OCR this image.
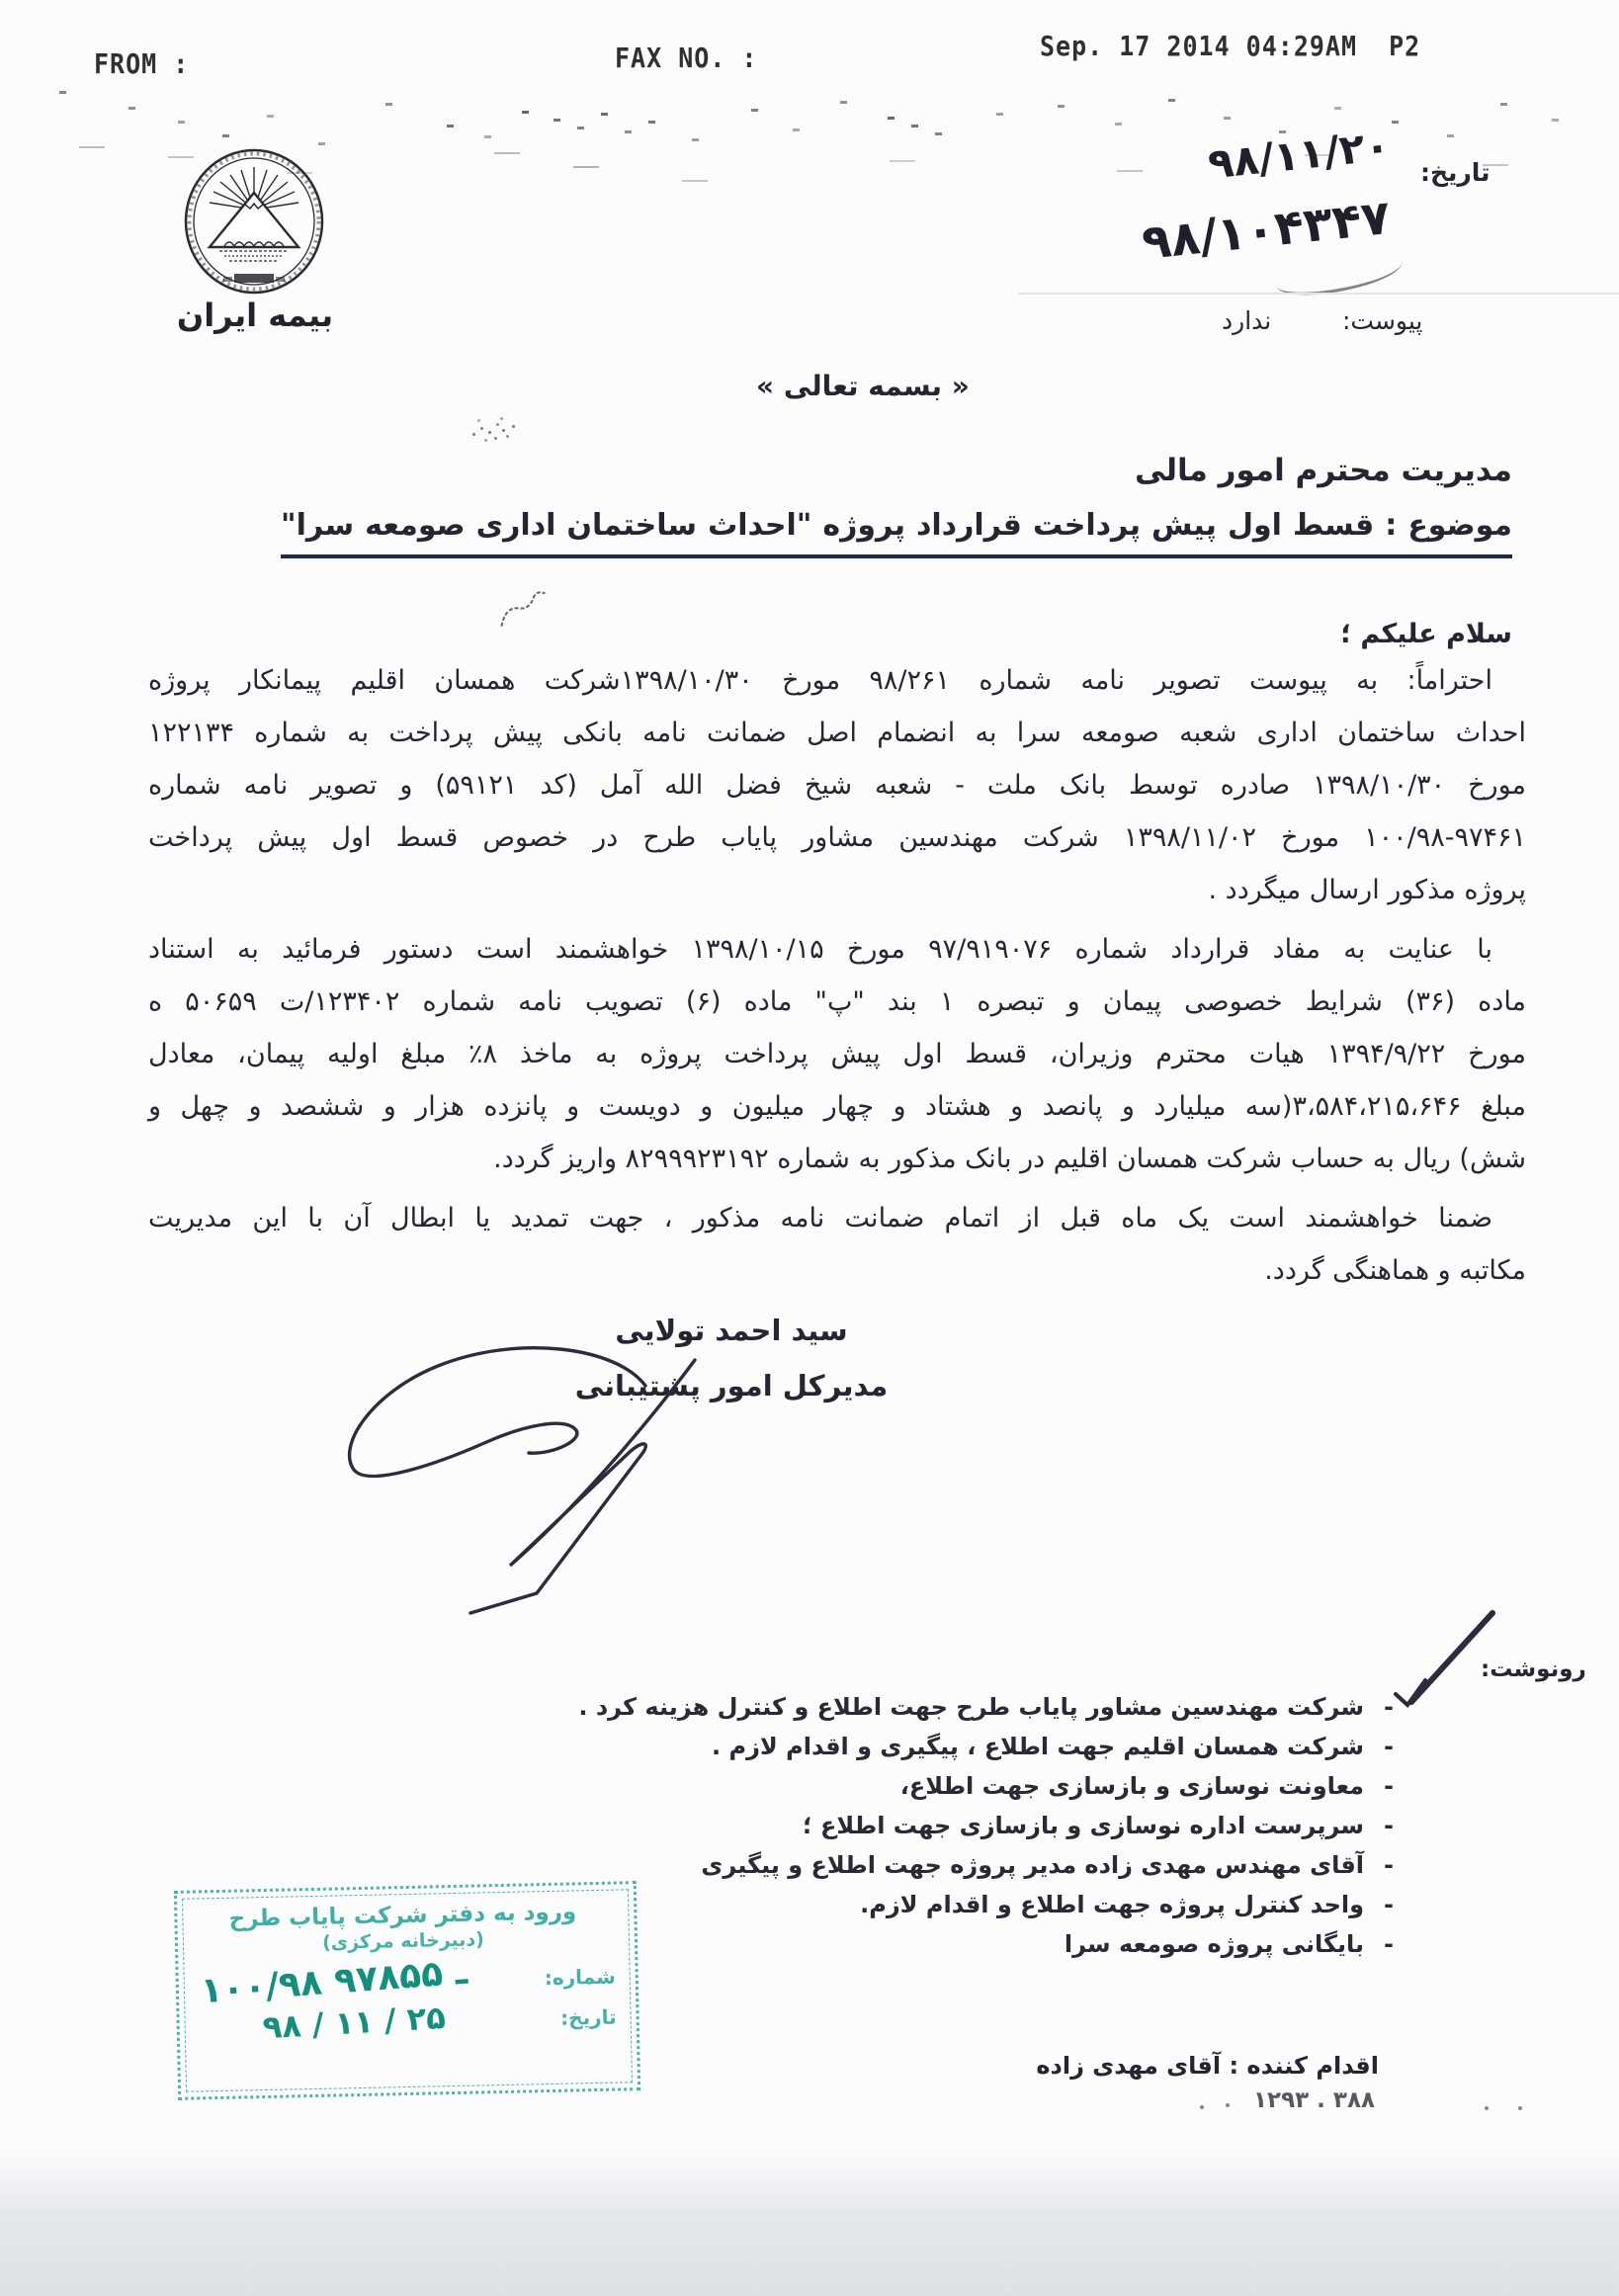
FROM :	FAX NO. :	Sep. 17 2014 04:29AM  P2
بیمه ایران
تاریخ:
۹۸/۱۱/۲۰
۹۸/۱۰۴۳۴۷
پیوست:
ندارد
« بسمه تعالی »
مدیریت محترم امور مالی
موضوع : قسط اول پیش پرداخت قرارداد پروژه "احداث ساختمان اداری صومعه سرا"
سلام علیکم ؛
احتراماً: به پیوست تصویر نامه شماره ۹۸/۲۶۱ مورخ ۱۳۹۸/۱۰/۳۰شرکت همسان اقلیم پیمانکار پروژه
احداث ساختمان اداری شعبه صومعه سرا به انضمام اصل ضمانت نامه بانکی پیش پرداخت به شماره ۱۲۲۱۳۴
مورخ ۱۳۹۸/۱۰/۳۰ صادره توسط بانک ملت - شعبه شیخ فضل الله آمل (کد ۵۹۱۲۱) و تصویر نامه شماره
۱۰۰/۹۸-۹۷۴۶۱ مورخ ۱۳۹۸/۱۱/۰۲ شرکت مهندسین مشاور پایاب طرح در خصوص قسط اول پیش پرداخت
پروژه مذکور ارسال میگردد .
با عنایت به مفاد قرارداد شماره ۹۷/۹۱۹۰۷۶ مورخ ۱۳۹۸/۱۰/۱۵ خواهشمند است دستور فرمائید به استناد
ماده (۳۶) شرایط خصوصی پیمان و تبصره ۱ بند "پ" ماده (۶) تصویب نامه شماره ۱۲۳۴۰۲/ت ۵۰۶۵۹ ه
مورخ ۱۳۹۴/۹/۲۲ هیات محترم وزیران، قسط اول پیش پرداخت پروژه به ماخذ ۸٪ مبلغ اولیه پیمان، معادل
مبلغ ۳،۵۸۴،۲۱۵،۶۴۶(سه میلیارد و پانصد و هشتاد و چهار میلیون و دویست و پانزده هزار و ششصد و چهل و
شش) ریال به حساب شرکت همسان اقلیم در بانک مذکور به شماره ۸۲۹۹۹۲۳۱۹۲ واریز گردد.
ضمنا خواهشمند است یک ماه قبل از اتمام ضمانت نامه مذکور ، جهت تمدید یا ابطال آن با این مدیریت
مکاتبه و هماهنگی گردد.
سید احمد تولایی
مدیرکل امور پشتیبانی
رونوشت:
-
شرکت مهندسین مشاور پایاب طرح جهت اطلاع و کنترل هزینه کرد .
-
شرکت همسان اقلیم جهت اطلاع ، پیگیری و اقدام لازم .
-
معاونت نوسازی و بازسازی جهت اطلاع،
-
سرپرست اداره نوسازی و بازسازی جهت اطلاع ؛
-
آقای مهندس مهدی زاده مدیر پروژه جهت اطلاع و پیگیری
-
واحد کنترل پروژه جهت اطلاع و اقدام لازم.
-
بایگانی پروژه صومعه سرا
اقدام کننده : آقای مهدی زاده
۱۲۹۳ . ۳۸۸
ورود به دفتر شرکت پایاب طرح
(دبیرخانه مرکزی)
شماره:
۱۰۰/۹۸ ـ ۹۷۸۵۵
تاریخ:
۹۸ / ۱۱ / ۲۵
